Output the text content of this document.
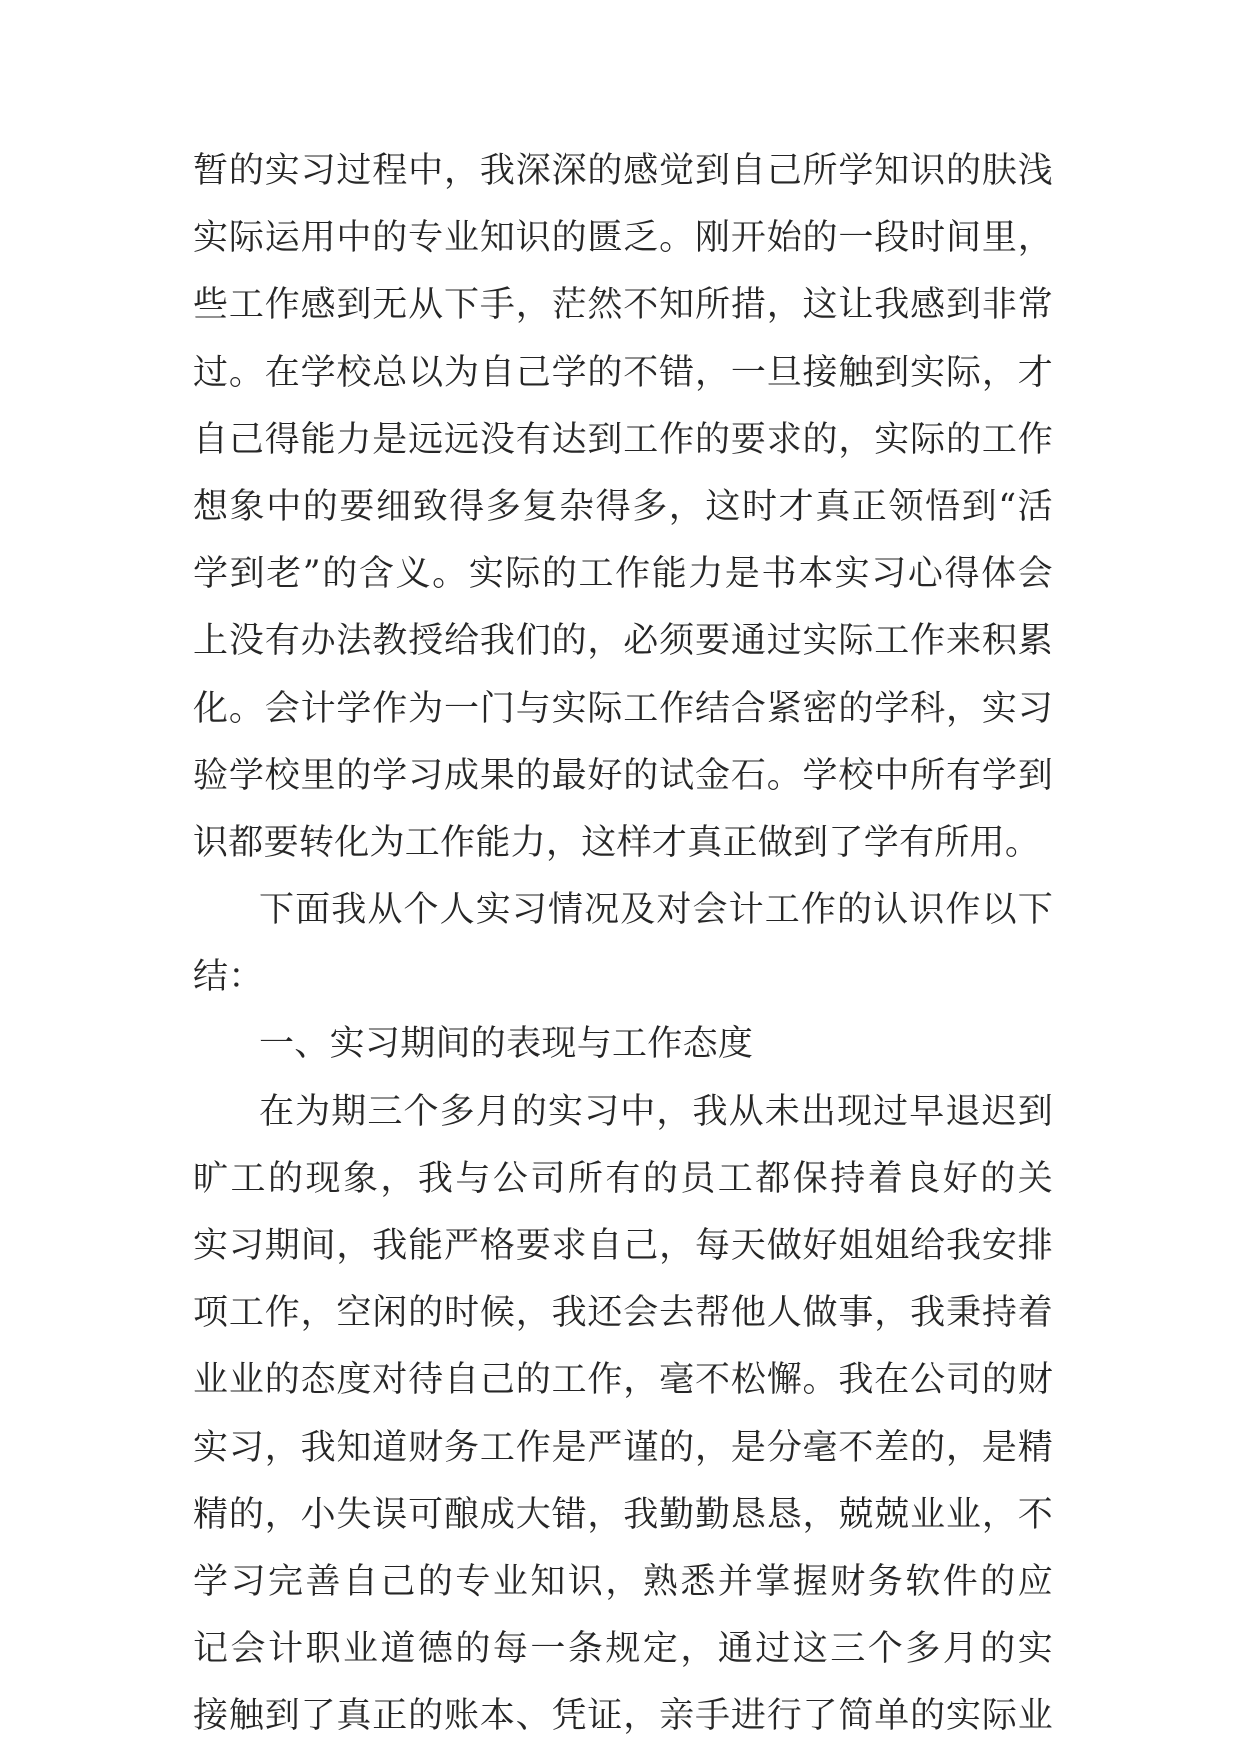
暂的实习过程中，我深深的感觉到自己所学知识的肤浅
实际运用中的专业知识的匮乏。刚开始的一段时间里，
些工作感到无从下手，茫然不知所措，这让我感到非常
过。在学校总以为自己学的不错，一旦接触到实际，才
自己得能力是远远没有达到工作的要求的，实际的工作
想象中的要细致得多复杂得多，这时才真正领悟到“活
学到老”的含义。实际的工作能力是书本实习心得体会
上没有办法教授给我们的，必须要通过实际工作来积累
化。会计学作为一门与实际工作结合紧密的学科，实习
验学校里的学习成果的最好的试金石。学校中所有学到
识都要转化为工作能力，这样才真正做到了学有所用。
下面我从个人实习情况及对会计工作的认识作以下
结：
一、实习期间的表现与工作态度
在为期三个多月的实习中，我从未出现过早退迟到
旷工的现象，我与公司所有的员工都保持着良好的关
实习期间，我能严格要求自己，每天做好姐姐给我安排
项工作，空闲的时候，我还会去帮他人做事，我秉持着
业业的态度对待自己的工作，毫不松懈。我在公司的财
实习，我知道财务工作是严谨的，是分毫不差的，是精
精的，小失误可酿成大错，我勤勤恳恳，兢兢业业，不
学习完善自己的专业知识，熟悉并掌握财务软件的应
记会计职业道德的每一条规定，通过这三个多月的实
接触到了真正的账本、凭证，亲手进行了简单的实际业
